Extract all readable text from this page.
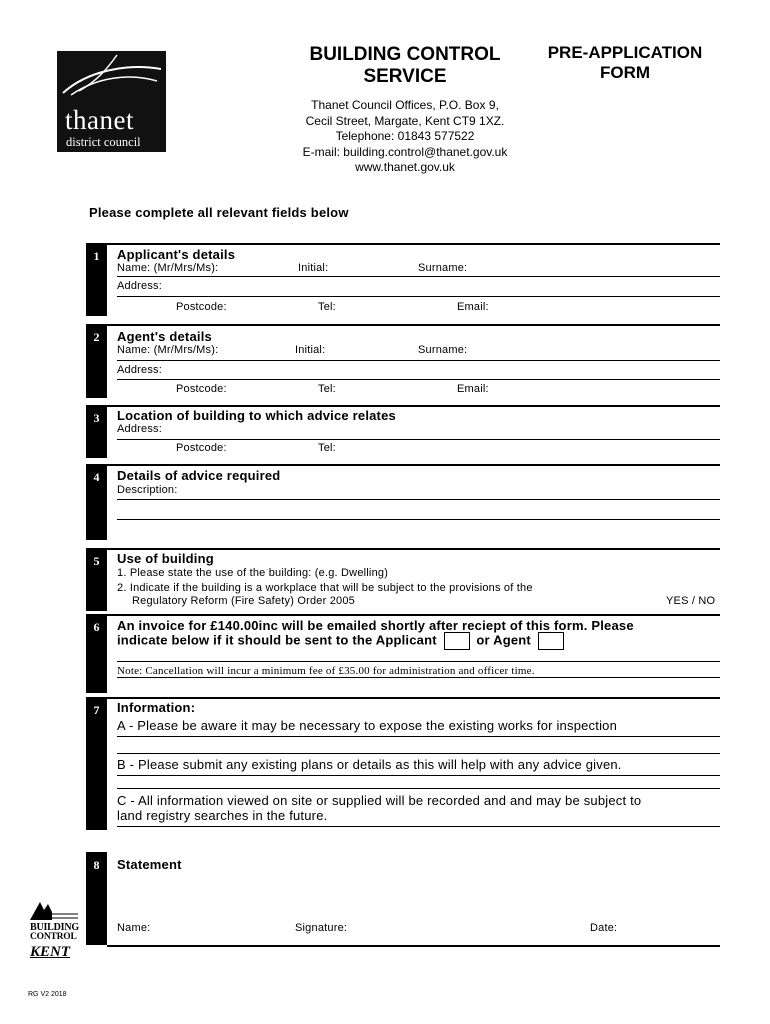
thanet
district council
BUILDING CONTROL
SERVICE
PRE-APPLICATION
FORM
Thanet Council Offices, P.O. Box 9,
Cecil Street, Margate, Kent CT9 1XZ.
Telephone: 01843 577522
E-mail: building.control@thanet.gov.uk
www.thanet.gov.uk
Please complete all relevant fields below
1	Applicant's details
Name: (Mr/Mrs/Ms):	Initial:	Surname:
Address:
Postcode:	Tel:	Email:
2	Agent's details
Name: (Mr/Mrs/Ms):	Initial:	Surname:
Address:
Postcode:	Tel:	Email:
3	Location of building to which advice relates
Address:
Postcode:	Tel:
4	Details of advice required
Description:
5	Use of building
1. Please state the use of the building: (e.g. Dwelling)
2. Indicate if the building is a workplace that will be subject to the provisions of the
Regulatory Reform (Fire Safety) Order 2005	YES / NO
6	An invoice for £140.00inc will be emailed shortly after reciept of this form. Please
indicate below if it should be sent to the Applicant	or Agent
Note: Cancellation will incur a minimum fee of £35.00 for administration and officer time.
7	Information:
A - Please be aware it may be necessary to expose the existing works for inspection
B - Please submit any existing plans or details as this will help with any advice given.
C - All information viewed on site or supplied will be recorded and and may be subject to
land registry searches in the future.
8	Statement
Name:	Signature:	Date:
BUILDING
CONTROL
KENT
RG V2 2018
